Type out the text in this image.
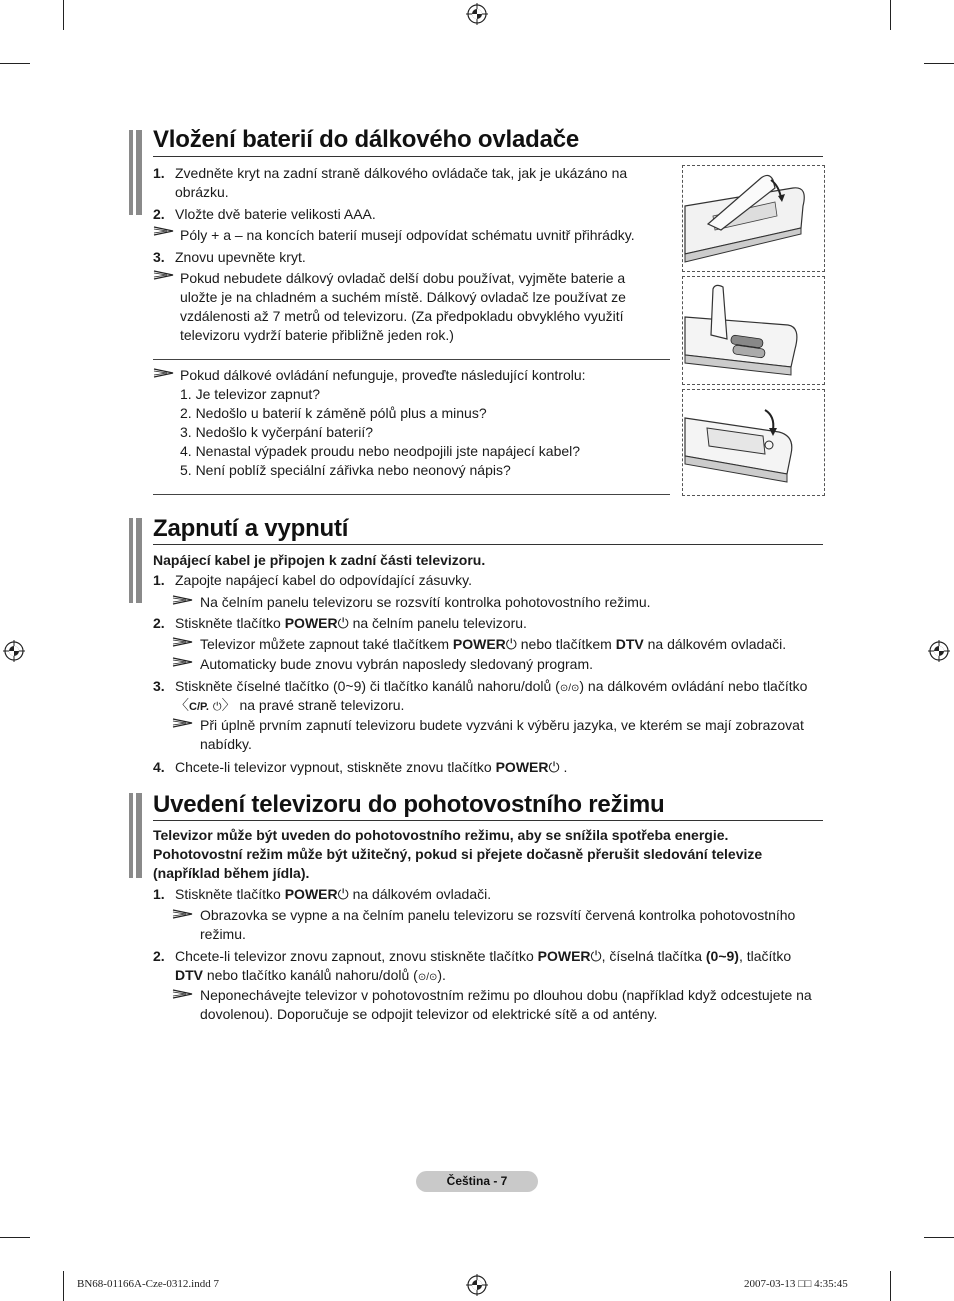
Vložení baterií do dálkového ovladače
1. Zvedněte kryt na zadní straně dálkového ovládače tak, jak je ukázáno na
obrázku.
2. Vložte dvě baterie velikosti AAA.
Póly + a – na koncích baterií musejí odpovídat schématu uvnitř přihrádky.
3. Znovu upevněte kryt.
Pokud nebudete dálkový ovladač delší dobu používat, vyjměte baterie a
uložte je na chladném a suchém místě. Dálkový ovladač lze používat ze
vzdálenosti až 7 metrů od televizoru. (Za předpokladu obvyklého využití
televizoru vydrží baterie přibližně jeden rok.)
Pokud dálkové ovládání nefunguje, proveďte následující kontrolu:
1. Je televizor zapnut?
2. Nedošlo u baterií k záměně pólů plus a minus?
3. Nedošlo k vyčerpání baterií?
4. Nenastal výpadek proudu nebo neodpojili jste napájecí kabel?
5. Není poblíž speciální zářivka nebo neonový nápis?
Zapnutí a vypnutí
Napájecí kabel je připojen k zadní části televizoru.
1. Zapojte napájecí kabel do odpovídající zásuvky.
Na čelním panelu televizoru se rozsvítí kontrolka pohotovostního režimu.
2. Stiskněte tlačítko POWER⏻ na čelním panelu televizoru.
Televizor můžete zapnout také tlačítkem POWER⏻ nebo tlačítkem DTV na dálkovém ovladači.
Automaticky bude znovu vybrán naposledy sledovaný program.
3. Stiskněte číselné tlačítko (0~9) či tlačítko kanálů nahoru/dolů (⊙/⊙) na dálkovém ovládání nebo tlačítko
〈C/P. ⏻〉 na pravé straně televizoru.
Při úplně prvním zapnutí televizoru budete vyzváni k výběru jazyka, ve kterém se mají zobrazovat
nabídky.
4. Chcete-li televizor vypnout, stiskněte znovu tlačítko POWER⏻ .
Uvedení televizoru do pohotovostního režimu
Televizor může být uveden do pohotovostního režimu, aby se snížila spotřeba energie.
Pohotovostní režim může být užitečný, pokud si přejete dočasně přerušit sledování televize
(například během jídla).
1. Stiskněte tlačítko POWER⏻ na dálkovém ovladači.
Obrazovka se vypne a na čelním panelu televizoru se rozsvítí červená kontrolka pohotovostního
režimu.
2. Chcete-li televizor znovu zapnout, znovu stiskněte tlačítko POWER⏻, číselná tlačítka (0~9), tlačítko
DTV nebo tlačítko kanálů nahoru/dolů (⊙/⊙).
Neponechávejte televizor v pohotovostním režimu po dlouhou dobu (například když odcestujete na
dovolenou). Doporučuje se odpojit televizor od elektrické sítě a od antény.
Čeština - 7
BN68-01166A-Cze-0312.indd 7	2007-03-13 □□ 4:35:45
